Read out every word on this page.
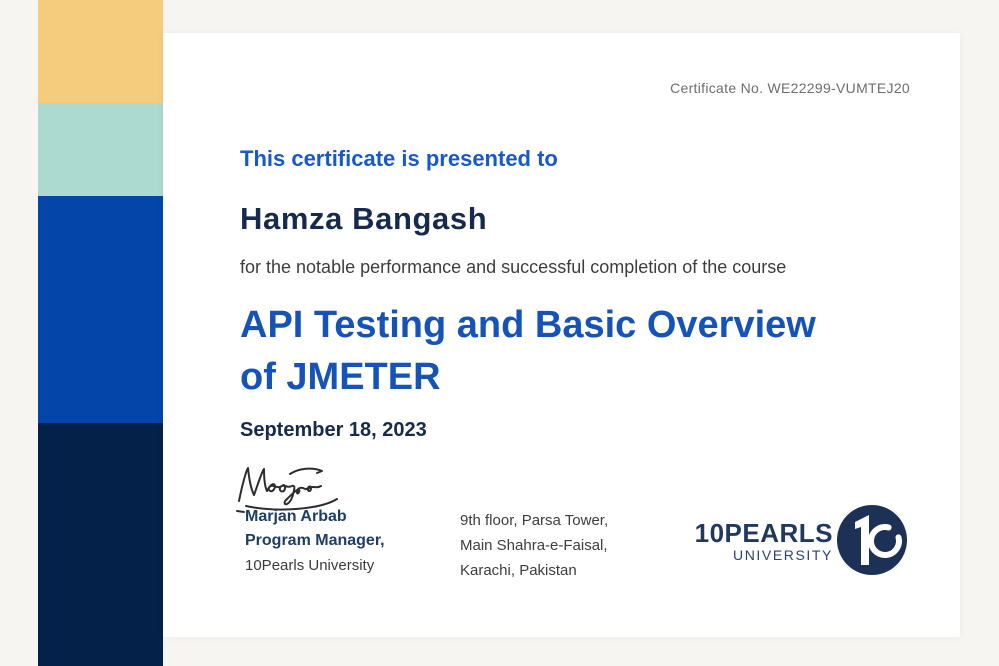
Certificate No. WE22299-VUMTEJ20
This certificate is presented to
Hamza Bangash
for the notable performance and successful completion of the course
API Testing and Basic Overview of JMETER
September 18, 2023
Marjan Arbab
Program Manager,
10Pearls University
9th floor, Parsa Tower,
Main Shahra-e-Faisal,
Karachi, Pakistan
10PEARLS
UNIVERSITY
